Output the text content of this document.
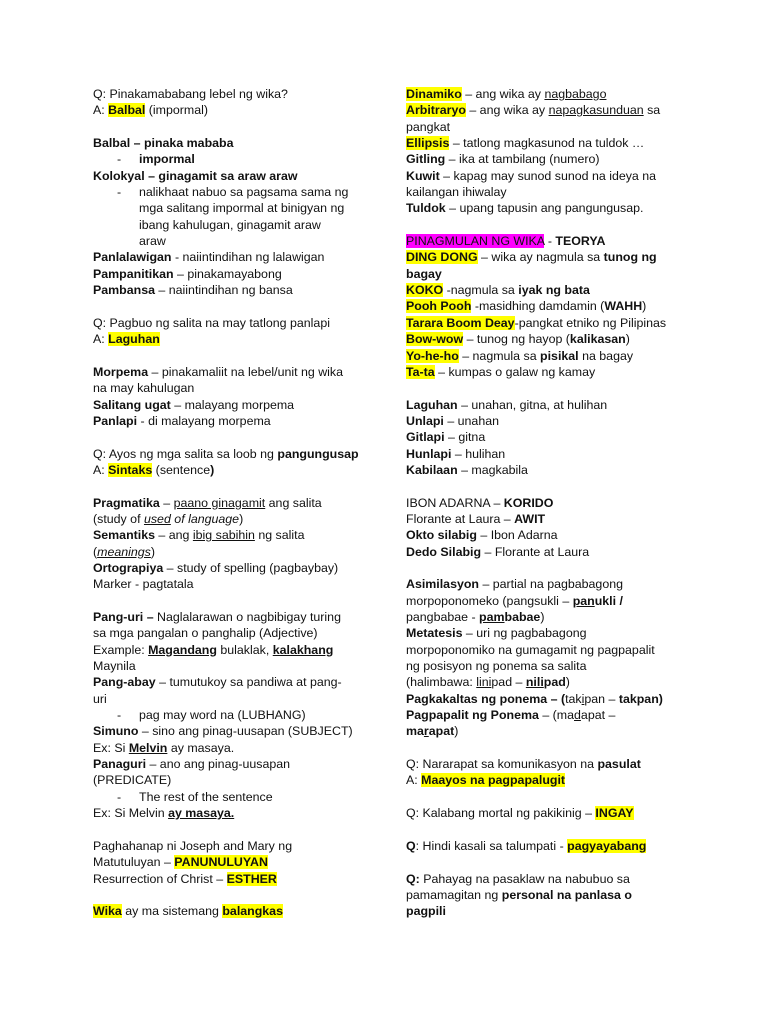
Q: Pinakamababang lebel ng wika?
A: Balbal (impormal)
Balbal – pinaka mababa
- impormal
Kolokyal – ginagamit sa araw araw
- nalikhaat nabuo sa pagsama sama ng
mga salitang impormal at binigyan ng
ibang kahulugan, ginagamit araw
araw
Panlalawigan - naiintindihan ng lalawigan
Pampanitikan – pinakamayabong
Pambansa – naiintindihan ng bansa
Q: Pagbuo ng salita na may tatlong panlapi
A: Laguhan
Morpema – pinakamaliit na lebel/unit ng wika
na may kahulugan
Salitang ugat – malayang morpema
Panlapi - di malayang morpema
Q: Ayos ng mga salita sa loob ng pangungusap
A: Sintaks (sentence)
Pragmatika – paano ginagamit ang salita
(study of used of language)
Semantiks – ang ibig sabihin ng salita
(meanings)
Ortograpiya – study of spelling (pagbaybay)
Marker - pagtatala
Pang-uri – Naglalarawan o nagbibigay turing
sa mga pangalan o panghalip (Adjective)
Example: Magandang bulaklak, kalakhang
Maynila
Pang-abay – tumutukoy sa pandiwa at pang-
uri
- pag may word na (LUBHANG)
Simuno – sino ang pinag-uusapan (SUBJECT)
Ex: Si Melvin ay masaya.
Panaguri – ano ang pinag-uusapan
(PREDICATE)
- The rest of the sentence
Ex: Si Melvin ay masaya.
Paghahanap ni Joseph and Mary ng
Matutuluyan – PANUNULUYAN
Resurrection of Christ – ESTHER
Wika ay ma sistemang balangkas
Dinamiko – ang wika ay nagbabago
Arbitraryo – ang wika ay napagkasunduan sa
pangkat
Ellipsis – tatlong magkasunod na tuldok …
Gitling – ika at tambilang (numero)
Kuwit – kapag may sunod sunod na ideya na
kailangan ihiwalay
Tuldok – upang tapusin ang pangungusap.
PINAGMULAN NG WIKA - TEORYA
DING DONG – wika ay nagmula sa tunog ng
bagay
KOKO -nagmula sa iyak ng bata
Pooh Pooh -masidhing damdamin (WAHH)
Tarara Boom Deay-pangkat etniko ng Pilipinas
Bow-wow – tunog ng hayop (kalikasan)
Yo-he-ho – nagmula sa pisikal na bagay
Ta-ta – kumpas o galaw ng kamay
Laguhan – unahan, gitna, at hulihan
Unlapi – unahan
Gitlapi – gitna
Hunlapi – hulihan
Kabilaan – magkabila
IBON ADARNA – KORIDO
Florante at Laura – AWIT
Okto silabig – Ibon Adarna
Dedo Silabig – Florante at Laura
Asimilasyon – partial na pagbabagong
morpoponomeko (pangsukli – panukli /
pangbabae - pambabae)
Metatesis – uri ng pagbabagong
morpoponomiko na gumagamit ng pagpapalit
ng posisyon ng ponema sa salita
(halimbawa: linipad – nilipad)
Pagkakaltas ng ponema – (takipan – takpan)
Pagpapalit ng Ponema – (madapat –
marapat)
Q: Nararapat sa komunikasyon na pasulat
A: Maayos na pagpapalugit
Q: Kalabang mortal ng pakikinig – INGAY
Q: Hindi kasali sa talumpati - pagyayabang
Q: Pahayag na pasaklaw na nabubuo sa
pamamagitan ng personal na panlasa o
pagpili
